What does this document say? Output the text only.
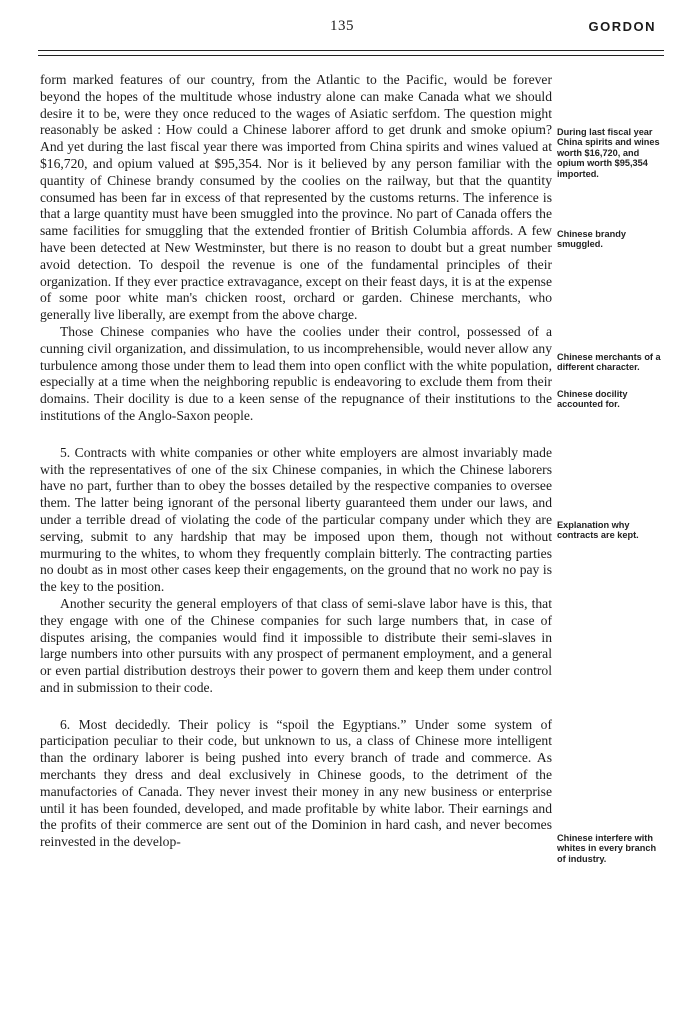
135	GORDON

form marked features of our country, from the Atlantic to the Pacific, would be forever beyond the hopes of the multitude whose industry alone can make Canada what we should desire it to be, were they once reduced to the wages of Asiatic serfdom. The question might reasonably be asked : How could a Chinese laborer afford to get drunk and smoke opium? And yet during the last fiscal year there was imported from China spirits and wines valued at $16,720, and opium valued at $95,354. Nor is it believed by any person familiar with the quantity of Chinese brandy consumed by the coolies on the railway, but that the quantity consumed has been far in excess of that represented by the customs returns. The inference is that a large quantity must have been smuggled into the province. No part of Canada offers the same facilities for smuggling that the extended frontier of British Columbia affords. A few have been detected at New Westminster, but there is no reason to doubt but a great number avoid detection. To despoil the revenue is one of the fundamental principles of their organization. If they ever practice extravagance, except on their feast days, it is at the expense of some poor white man's chicken roost, orchard or garden. Chinese merchants, who generally live liberally, are exempt from the above charge.

Those Chinese companies who have the coolies under their control, possessed of a cunning civil organization, and dissimulation, to us incomprehensible, would never allow any turbulence among those under them to lead them into open conflict with the white population, especially at a time when the neighboring republic is endeavoring to exclude them from their domains. Their docility is due to a keen sense of the repugnance of their institutions to the institutions of the Anglo-Saxon people.

5. Contracts with white companies or other white employers are almost invariably made with the representatives of one of the six Chinese companies, in which the Chinese laborers have no part, further than to obey the bosses detailed by the respective companies to oversee them. The latter being ignorant of the personal liberty guaranteed them under our laws, and under a terrible dread of violating the code of the particular company under which they are serving, submit to any hardship that may be imposed upon them, though not without murmuring to the whites, to whom they frequently complain bitterly. The contracting parties no doubt as in most other cases keep their engagements, on the ground that no work no pay is the key to the position.

Another security the general employers of that class of semi-slave labor have is this, that they engage with one of the Chinese companies for such large numbers that, in case of disputes arising, the companies would find it impossible to distribute their semi-slaves in large numbers into other pursuits with any prospect of permanent employment, and a general or even partial distribution destroys their power to govern them and keep them under control and in submission to their code.

6. Most decidedly. Their policy is “spoil the Egyptians.” Under some system of participation peculiar to their code, but unknown to us, a class of Chinese more intelligent than the ordinary laborer is being pushed into every branch of trade and commerce. As merchants they dress and deal exclusively in Chinese goods, to the detriment of the manufactories of Canada. They never invest their money in any new business or enterprise until it has been founded, developed, and made profitable by white labor. Their earnings and the profits of their commerce are sent out of the Dominion in hard cash, and never becomes reinvested in the develop-

During last fiscal year China spirits and wines worth $16,720, and opium worth $95,354 imported.
Chinese brandy smuggled.
Chinese merchants of a different character.
Chinese docility accounted for.
Explanation why contracts are kept.
Chinese interfere with whites in every branch of industry.
